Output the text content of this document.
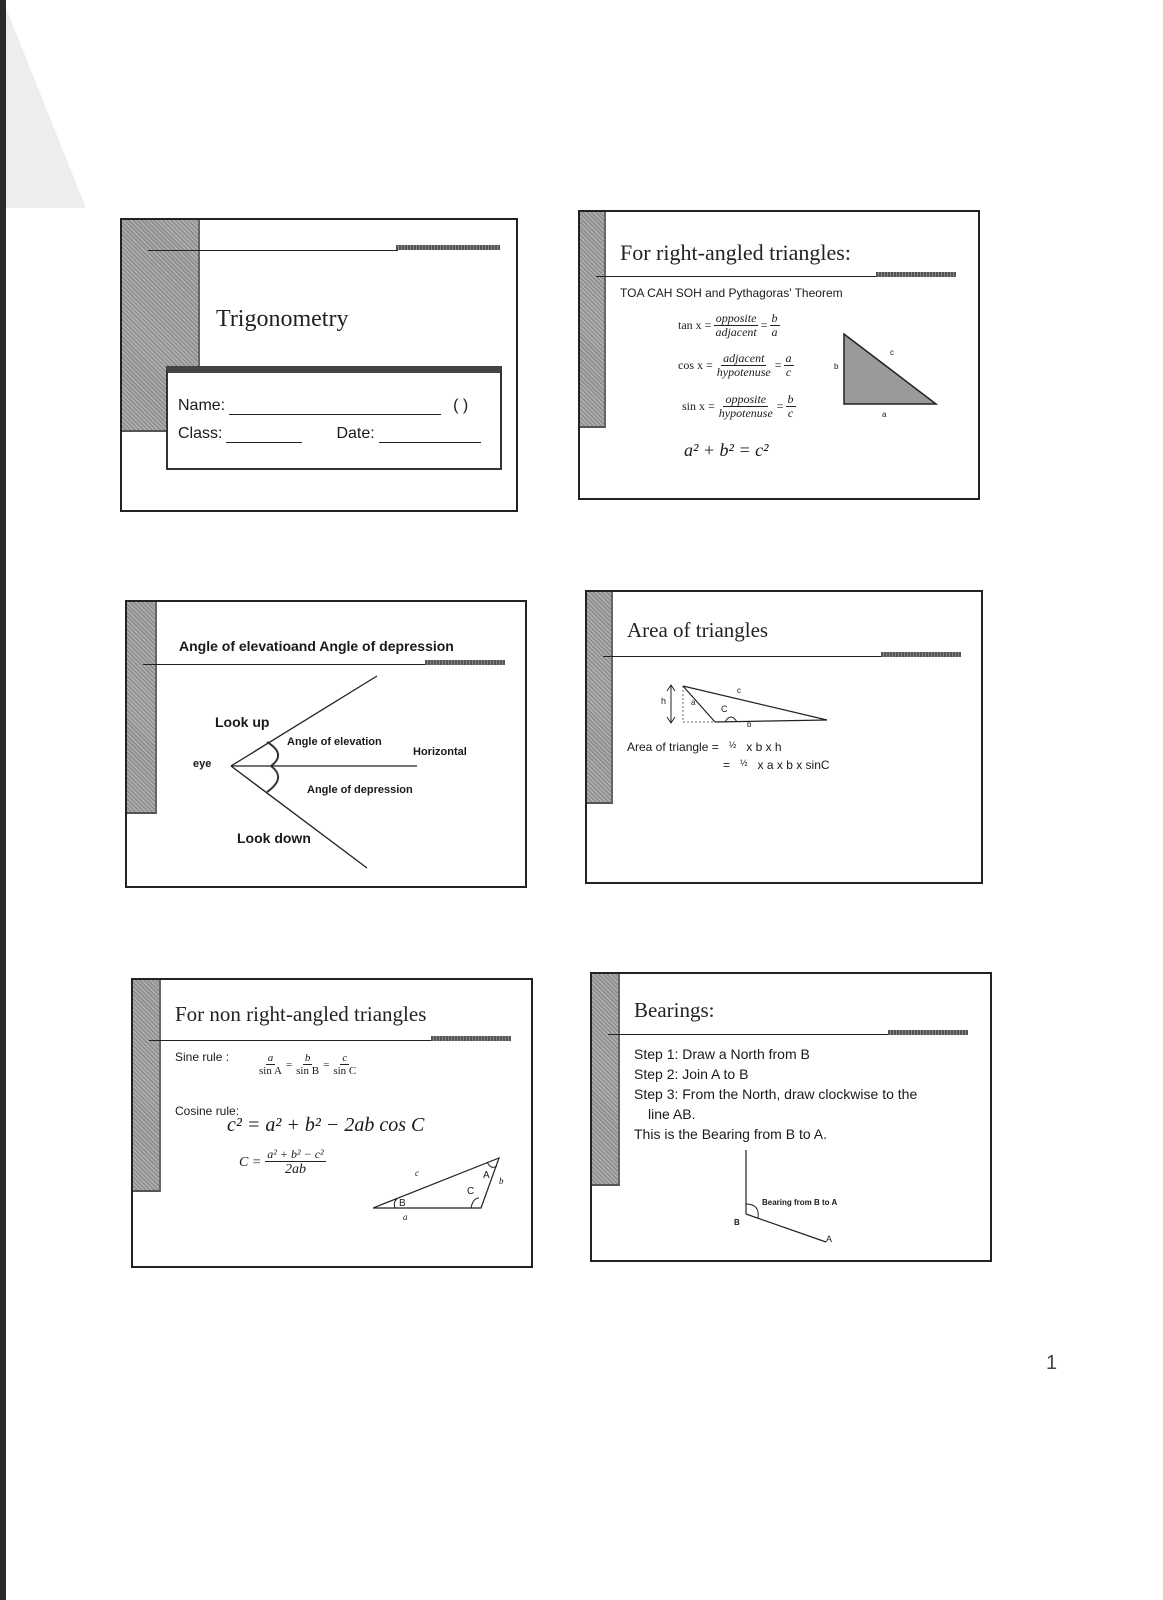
Trigonometry
Name:	( )
Class:	Date:
For right-angled triangles:
TOA CAH SOH and Pythagoras' Theorem
$\tan x = \frac{\text{opposite}}{\text{adjacent}} = \frac{b}{a}$
$\cos x = \frac{\text{adjacent}}{\text{hypotenuse}} = \frac{a}{c}$
$\sin x = \frac{\text{opposite}}{\text{hypotenuse}} = \frac{b}{c}$
a² + b² = c²
b
c
a
Angle of elevatioand Angle of depression
Look up
Angle of elevation
Horizontal
eye
Angle of depression
Look down
Area of triangles
h	a
c
C
b
Area of triangle = ½ x b x h
= ½ x a x b x sinC
For non right-angled triangles
Sine rule :	$\frac{a}{\text{sin A}} = \frac{b}{\text{sin B}} = \frac{c}{\text{sin C}}$
Cosine rule:
c² = a² + b² − 2ab cos C
$C = \frac{\text{a² + b² − c²}}{2ab}$	c	A b
C
B
a
Bearings:
Step 1: Draw a North from B
Step 2: Join A to B
Step 3: From the North, draw clockwise to the
line AB.
This is the Bearing from B to A.
Bearing from B to A
B
A
1
